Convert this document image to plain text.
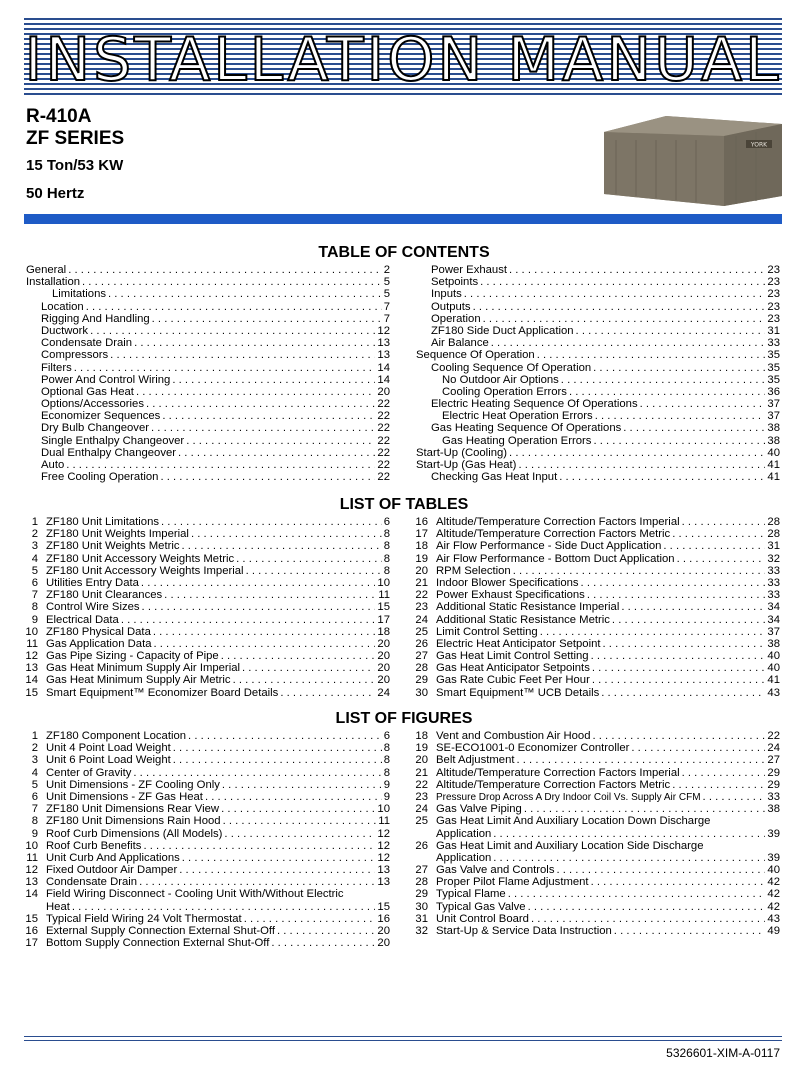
INSTALLATION MANUAL
R-410A
ZF SERIES
15 Ton/53 KW
50 Hertz
YORK
TABLE OF CONTENTS
General . . .	2
Installation . . .	5
Limitations . . .	5
Location . . .	7
Rigging And Handling . . .	7
Ductwork . . .	12
Condensate Drain . . .	13
Compressors . . .	13
Filters . . .	14
Power And Control Wiring . . .	14
Optional Gas Heat . . .	20
Options/Accessories . . .	22
Economizer Sequences . . .	22
Dry Bulb Changeover . . .	22
Single Enthalpy Changeover . . .	22
Dual Enthalpy Changeover . . .	22
Auto . . .	22
Free Cooling Operation . . .	22
Power Exhaust . . .	23
Setpoints . . .	23
Inputs . . .	23
Outputs . . .	23
Operation . . .	23
ZF180 Side Duct Application . . .	31
Air Balance . . .	33
Sequence Of Operation . . .	35
Cooling Sequence Of Operation . . .	35
No Outdoor Air Options . . .	35
Cooling Operation Errors . . .	36
Electric Heating Sequence Of Operations . . .	37
Electric Heat Operation Errors . . .	37
Gas Heating Sequence Of Operations . . .	38
Gas Heating Operation Errors . . .	38
Start-Up (Cooling) . . .	40
Start-Up (Gas Heat) . . .	41
Checking Gas Heat Input . . .	41
LIST OF TABLES
1 ZF180 Unit Limitations . . .	6
2 ZF180 Unit Weights Imperial . . .	8
3 ZF180 Unit Weights Metric . . .	8
4 ZF180 Unit Accessory Weights Metric . . .	8
5 ZF180 Unit Accessory Weights Imperial . . .	8
6 Utilities Entry Data . . .	10
7 ZF180 Unit Clearances . . .	11
8 Control Wire Sizes . . .	15
9 Electrical Data . . .	17
10 ZF180 Physical Data . . .	18
11 Gas Application Data . . .	20
12 Gas Pipe Sizing - Capacity of Pipe . . .	20
13 Gas Heat Minimum Supply Air Imperial . . .	20
14 Gas Heat Minimum Supply Air Metric . . .	20
15 Smart Equipment™ Economizer Board Details . . .	24
16 Altitude/Temperature Correction Factors Imperial . . .	28
17 Altitude/Temperature Correction Factors Metric . . .	28
18 Air Flow Performance - Side Duct Application . . .	31
19 Air Flow Performance - Bottom Duct Application . . .	32
20 RPM Selection . . .	33
21 Indoor Blower Specifications . . .	33
22 Power Exhaust Specifications . . .	33
23 Additional Static Resistance Imperial . . .	34
24 Additional Static Resistance Metric . . .	34
25 Limit Control Setting . . .	37
26 Electric Heat Anticipator Setpoint . . .	38
27 Gas Heat Limit Control Setting . . .	40
28 Gas Heat Anticipator Setpoints . . .	40
29 Gas Rate Cubic Feet Per Hour . . .	41
30 Smart Equipment™ UCB Details . . .	43
LIST OF FIGURES
1 ZF180 Component Location . . .	6
2 Unit 4 Point Load Weight . . .	8
3 Unit 6 Point Load Weight . . .	8
4 Center of Gravity . . .	8
5 Unit Dimensions - ZF Cooling Only . . .	9
6 Unit Dimensions - ZF Gas Heat . . .	9
7 ZF180 Unit Dimensions Rear View . . .	10
8 ZF180 Unit Dimensions Rain Hood . . .	11
9 Roof Curb Dimensions (All Models) . . .	12
10 Roof Curb Benefits . . .	12
11 Unit Curb And Applications . . .	12
12 Fixed Outdoor Air Damper . . .	13
13 Condensate Drain . . .	13
14 Field Wiring Disconnect - Cooling Unit With/Without Electric
Heat . . .	15
15 Typical Field Wiring 24 Volt Thermostat . . .	16
16 External Supply Connection External Shut-Off . . .	20
17 Bottom Supply Connection External Shut-Off . . .	20
18 Vent and Combustion Air Hood . . .	22
19 SE-ECO1001-0 Economizer Controller . . .	24
20 Belt Adjustment . . .	27
21 Altitude/Temperature Correction Factors Imperial . . .	29
22 Altitude/Temperature Correction Factors Metric . . .	29
23 Pressure Drop Across A Dry Indoor Coil Vs. Supply Air CFM . . .	33
24 Gas Valve Piping . . .	38
25 Gas Heat Limit And Auxiliary Location Down Discharge
Application . . .	39
26 Gas Heat Limit and Auxiliary Location Side Discharge
Application . . .	39
27 Gas Valve and Controls . . .	40
28 Proper Pilot Flame Adjustment . . .	42
29 Typical Flame . . .	42
30 Typical Gas Valve . . .	42
31 Unit Control Board . . .	43
32 Start-Up & Service Data Instruction . . .	49
5326601-XIM-A-0117
